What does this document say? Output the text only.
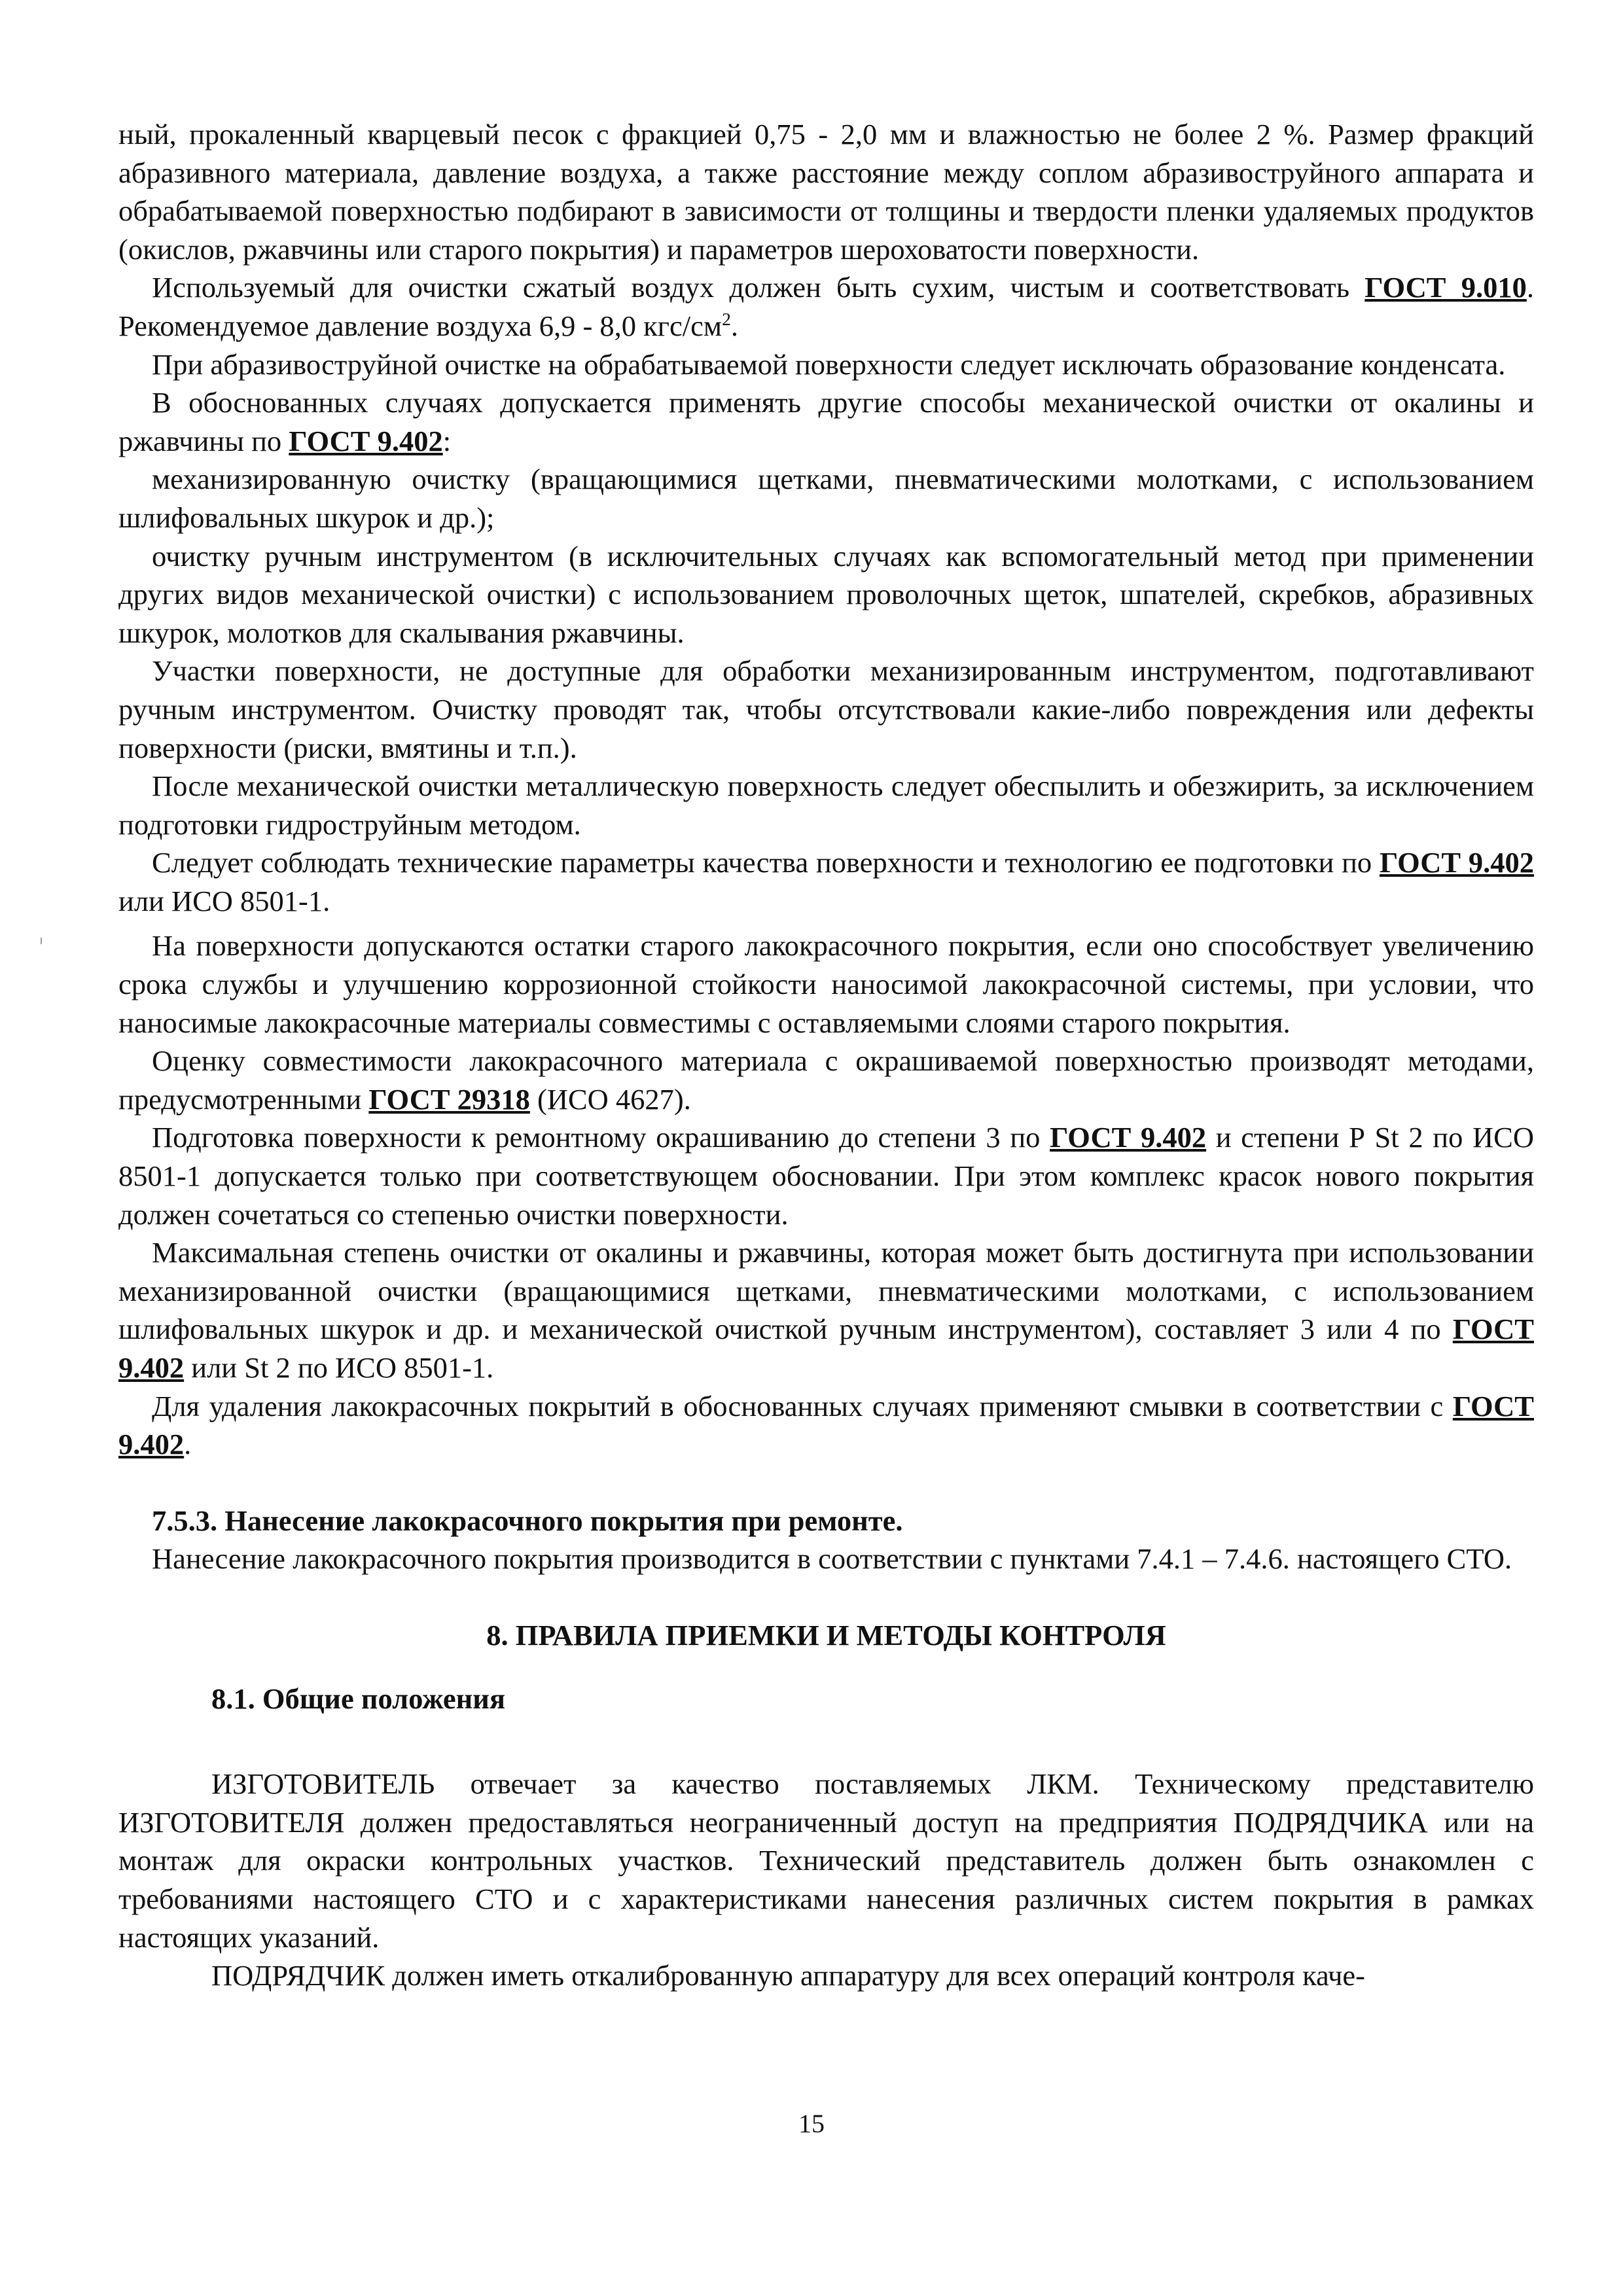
ный, прокаленный кварцевый песок с фракцией 0,75 - 2,0 мм и влажностью не более 2 %. Размер фракций абразивного материала, давление воздуха, а также расстояние между соплом абразивоструйного аппарата и обрабатываемой поверхностью подбирают в зависимости от толщины и твердости пленки удаляемых продуктов (окислов, ржавчины или старого покрытия) и параметров шероховатости поверхности.

Используемый для очистки сжатый воздух должен быть сухим, чистым и соответствовать ГОСТ 9.010. Рекомендуемое давление воздуха 6,9 - 8,0 кгс/$см^2$.

При абразивоструйной очистке на обрабатываемой поверхности следует исключать образование конденсата.

В обоснованных случаях допускается применять другие способы механической очистки от окалины и ржавчины по ГОСТ 9.402:

механизированную очистку (вращающимися щетками, пневматическими молотками, с использованием шлифовальных шкурок и др.);

очистку ручным инструментом (в исключительных случаях как вспомогательный метод при применении других видов механической очистки) с использованием проволочных щеток, шпателей, скребков, абразивных шкурок, молотков для скалывания ржавчины.

Участки поверхности, не доступные для обработки механизированным инструментом, подготавливают ручным инструментом. Очистку проводят так, чтобы отсутствовали какие-либо повреждения или дефекты поверхности (риски, вмятины и т.п.).

После механической очистки металлическую поверхность следует обеспылить и обезжирить, за исключением подготовки гидроструйным методом.

Следует соблюдать технические параметры качества поверхности и технологию ее подготовки по ГОСТ 9.402 или ИСО 8501-1.

На поверхности допускаются остатки старого лакокрасочного покрытия, если оно способствует увеличению срока службы и улучшению коррозионной стойкости наносимой лакокрасочной системы, при условии, что наносимые лакокрасочные материалы совместимы с оставляемыми слоями старого покрытия.

Оценку совместимости лакокрасочного материала с окрашиваемой поверхностью производят методами, предусмотренными ГОСТ 29318 (ИСО 4627).

Подготовка поверхности к ремонтному окрашиванию до степени 3 по ГОСТ 9.402 и степени Р St 2 по ИСО 8501-1 допускается только при соответствующем обосновании. При этом комплекс красок нового покрытия должен сочетаться со степенью очистки поверхности.

Максимальная степень очистки от окалины и ржавчины, которая может быть достигнута при использовании механизированной очистки (вращающимися щетками, пневматическими молотками, с использованием шлифовальных шкурок и др. и механической очисткой ручным инструментом), составляет 3 или 4 по ГОСТ 9.402 или St 2 по ИСО 8501-1.

Для удаления лакокрасочных покрытий в обоснованных случаях применяют смывки в соответствии с ГОСТ 9.402.

7.5.3. Нанесение лакокрасочного покрытия при ремонте.

Нанесение лакокрасочного покрытия производится в соответствии с пунктами 7.4.1 – 7.4.6. настоящего СТО.

8. ПРАВИЛА ПРИЕМКИ И МЕТОДЫ КОНТРОЛЯ

8.1. Общие положения

ИЗГОТОВИТЕЛЬ отвечает за качество поставляемых ЛКМ. Техническому представителю ИЗГОТОВИТЕЛЯ должен предоставляться неограниченный доступ на предприятия ПОДРЯДЧИКА или на монтаж для окраски контрольных участков. Технический представитель должен быть ознакомлен с требованиями настоящего СТО и с характеристиками нанесения различных систем покрытия в рамках настоящих указаний.

ПОДРЯДЧИК должен иметь откалиброванную аппаратуру для всех операций контроля каче-

15
